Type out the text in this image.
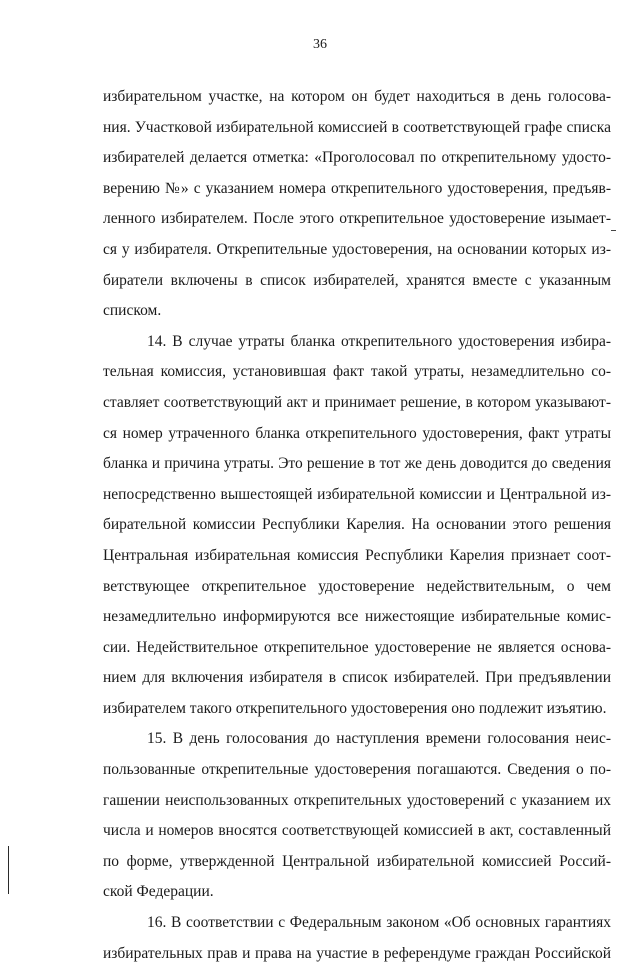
36
избирательном участке, на котором он будет находиться в день голосова-
ния. Участковой избирательной комиссией в соответствующей графе списка
избирателей делается отметка: «Проголосовал по открепительному удосто-
верению №» с указанием номера открепительного удостоверения, предъяв-
ленного избирателем. После этого открепительное удостоверение изымает-
ся у избирателя. Открепительные удостоверения, на основании которых из-
биратели включены в список избирателей, хранятся вместе с указанным
списком.
14. В случае утраты бланка открепительного удостоверения избира-
тельная комиссия, установившая факт такой утраты, незамедлительно со-
ставляет соответствующий акт и принимает решение, в котором указывают-
ся номер утраченного бланка открепительного удостоверения, факт утраты
бланка и причина утраты. Это решение в тот же день доводится до сведения
непосредственно вышестоящей избирательной комиссии и Центральной из-
бирательной комиссии Республики Карелия. На основании этого решения
Центральная избирательная комиссия Республики Карелия признает соот-
ветствующее открепительное удостоверение недействительным, о чем
незамедлительно информируются все нижестоящие избирательные комис-
сии. Недействительное открепительное удостоверение не является основа-
нием для включения избирателя в список избирателей. При предъявлении
избирателем такого открепительного удостоверения оно подлежит изъятию.
15. В день голосования до наступления времени голосования неис-
пользованные открепительные удостоверения погашаются. Сведения о по-
гашении неиспользованных открепительных удостоверений с указанием их
числа и номеров вносятся соответствующей комиссией в акт, составленный
по форме, утвержденной Центральной избирательной комиссией Россий-
ской Федерации.
16. В соответствии с Федеральным законом «Об основных гарантиях
избирательных прав и права на участие в референдуме граждан Российской
